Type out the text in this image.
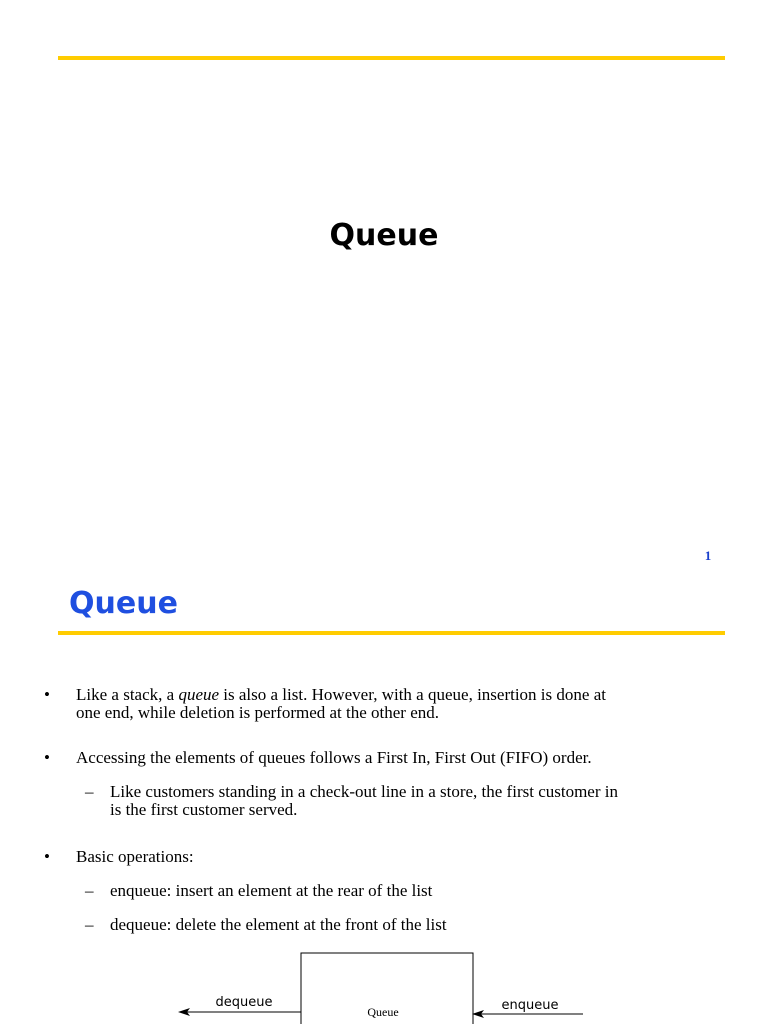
Queue
1
Queue
• Like a stack, a queue is also a list. However, with a queue, insertion is done at
one end, while deletion is performed at the other end.
• Accessing the elements of queues follows a First In, First Out (FIFO) order.
– Like customers standing in a check-out line in a store, the first customer in
is the first customer served.
• Basic operations:
– enqueue: insert an element at the rear of the list
– dequeue: delete the element at the front of the list
Queue
dequeue	enqueue
